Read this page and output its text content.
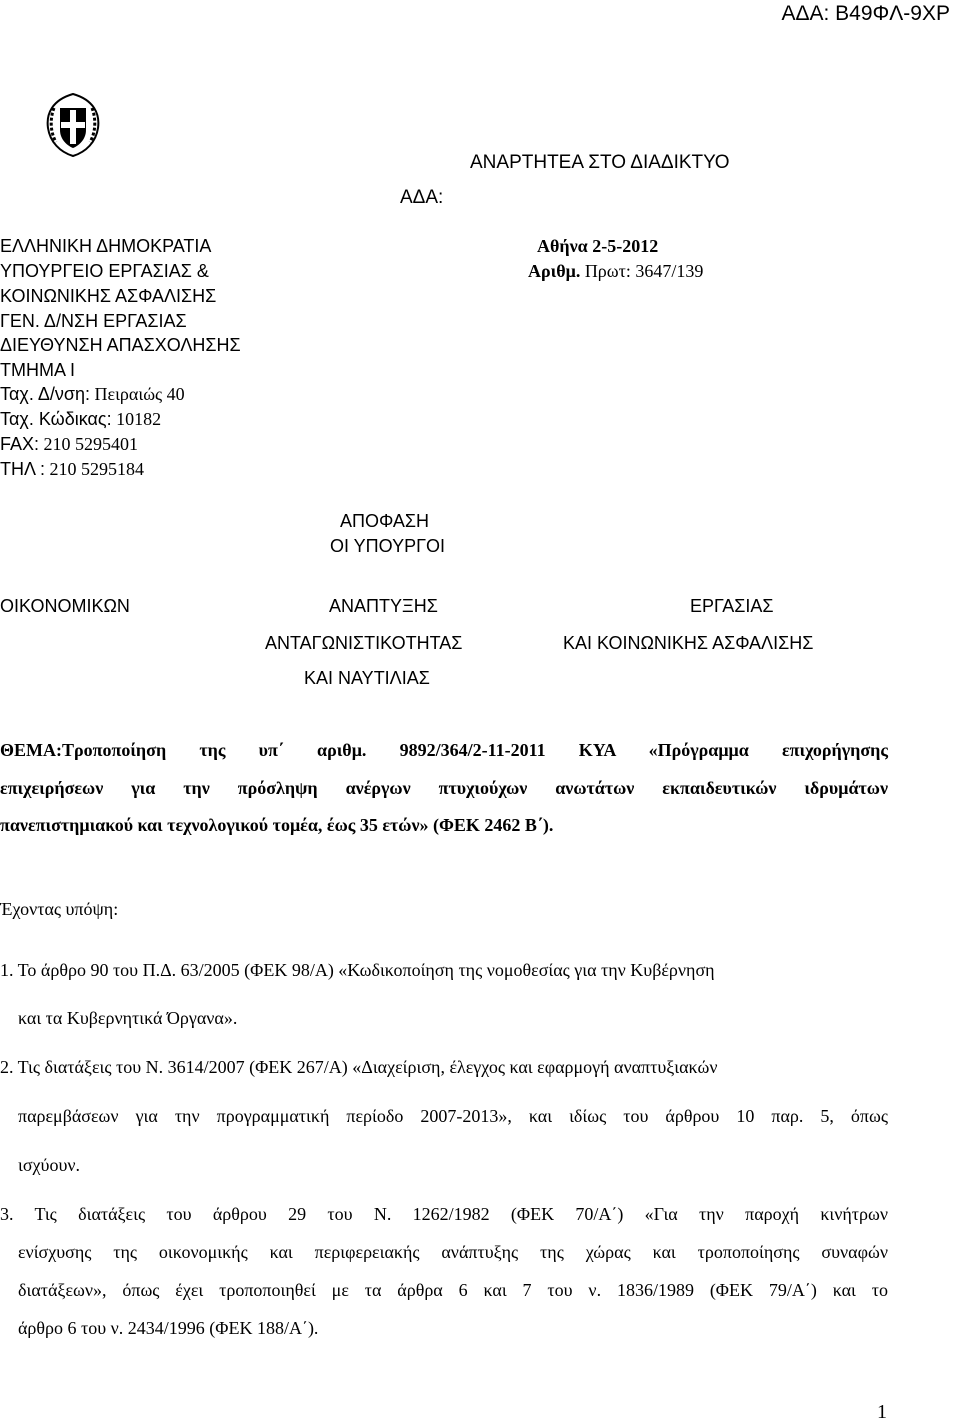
ΑΔΑ: Β49ΦΛ-9ΧΡ
ΑΝΑΡΤΗΤΕΑ ΣΤΟ ΔΙΑΔΙΚΤΥΟ
ΑΔΑ:
ΕΛΛΗΝΙΚΗ ΔΗΜΟΚΡΑΤΙΑ
ΥΠΟΥΡΓΕΙΟ ΕΡΓΑΣΙΑΣ &
ΚΟΙΝΩΝΙΚΗΣ ΑΣΦΑΛΙΣΗΣ
ΓΕΝ. Δ/ΝΣΗ ΕΡΓΑΣΙΑΣ
ΔΙΕΥΘΥΝΣΗ ΑΠΑΣΧΟΛΗΣΗΣ
ΤΜΗΜΑ Ι
Ταχ. Δ/νση: Πειραιώς 40
Ταχ. Κώδικας: 10182
FAX: 210 5295401
ΤΗΛ : 210 5295184
Αθήνα 2-5-2012
Αριθμ. Πρωτ: 3647/139
ΑΠΟΦΑΣΗ
ΟΙ ΥΠΟΥΡΓΟΙ
ΟΙΚΟΝΟΜΙΚΩΝ	ΑΝΑΠΤΥΞΗΣ
ΑΝΤΑΓΩΝΙΣΤΙΚΟΤΗΤΑΣ
ΚΑΙ ΝΑΥΤΙΛΙΑΣ
ΕΡΓΑΣΙΑΣ
ΚΑΙ ΚΟΙΝΩΝΙΚΗΣ ΑΣΦΑΛΙΣΗΣ
ΘΕΜΑ:Τροποποίηση της υπ΄ αριθμ. 9892/364/2-11-2011 ΚΥΑ «Πρόγραμμα επιχορήγησης
επιχειρήσεων για την πρόσληψη ανέργων πτυχιούχων ανωτάτων εκπαιδευτικών ιδρυμάτων
πανεπιστημιακού και τεχνολογικού τομέα, έως 35 ετών» (ΦΕΚ 2462 Β΄).
Έχοντας υπόψη:
1. Το άρθρο 90 του Π.Δ. 63/2005 (ΦΕΚ 98/Α) «Κωδικοποίηση της νομοθεσίας για την Κυβέρνηση
και τα Κυβερνητικά Όργανα».
2. Τις διατάξεις του Ν. 3614/2007 (ΦΕΚ 267/Α) «Διαχείριση, έλεγχος και εφαρμογή αναπτυξιακών
παρεμβάσεων για την προγραμματική περίοδο 2007-2013», και ιδίως του άρθρου 10 παρ. 5, όπως
ισχύουν.
3. Τις διατάξεις του άρθρου 29 του Ν. 1262/1982 (ΦΕΚ 70/Α΄) «Για την παροχή κινήτρων
ενίσχυσης της οικονομικής και περιφερειακής ανάπτυξης της χώρας και τροποποίησης συναφών
διατάξεων», όπως έχει τροποποιηθεί με τα άρθρα 6 και 7 του ν. 1836/1989 (ΦΕΚ 79/Α΄) και το
άρθρο 6 του ν. 2434/1996 (ΦΕΚ 188/Α΄).
1
